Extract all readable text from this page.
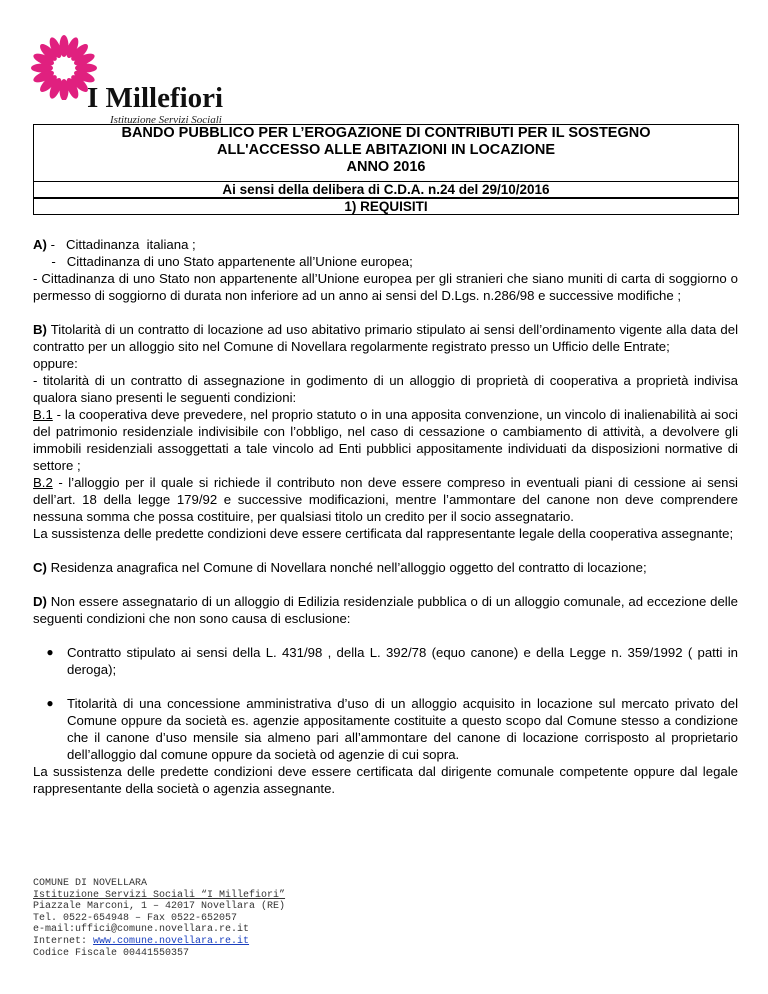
I Millefiori
Istituzione Servizi Sociali
BANDO PUBBLICO PER L’EROGAZIONE DI CONTRIBUTI PER IL SOSTEGNO
ALL'ACCESSO ALLE ABITAZIONI IN LOCAZIONE
ANNO 2016
Ai sensi della delibera di C.D.A. n.24 del 29/10/2016
1) REQUISITI

A) -   Cittadinanza  italiana ;

-   Cittadinanza di uno Stato appartenente all’Unione europea;

- Cittadinanza di uno Stato non appartenente all’Unione europea per gli stranieri che siano muniti di carta di soggiorno o permesso di soggiorno di durata non inferiore ad un anno ai sensi del D.Lgs. n.286/98 e successive modifiche ;

B) Titolarità di un contratto di locazione ad uso abitativo primario stipulato ai sensi dell’ordinamento vigente alla data del contratto per un alloggio sito nel Comune di Novellara regolarmente registrato presso un Ufficio delle Entrate;

oppure:

- titolarità di un contratto di assegnazione in godimento di un alloggio di proprietà di cooperativa a proprietà indivisa qualora siano presenti le seguenti condizioni:

B.1 - la cooperativa deve prevedere, nel proprio statuto o in una apposita convenzione, un vincolo di inalienabilità ai soci del patrimonio residenziale indivisibile con l’obbligo, nel caso di cessazione o cambiamento di attività, a devolvere gli immobili residenziali assoggettati a tale vincolo ad Enti pubblici appositamente individuati da disposizioni normative di settore ;

B.2 - l’alloggio per il quale si richiede il contributo non deve essere compreso in eventuali piani di cessione ai sensi dell’art. 18 della legge 179/92 e successive modificazioni, mentre l’ammontare del canone non deve comprendere nessuna somma che possa costituire, per qualsiasi titolo un credito per il socio assegnatario.

La sussistenza delle predette condizioni deve essere certificata dal rappresentante legale della cooperativa assegnante;

C) Residenza anagrafica nel Comune di Novellara nonché nell’alloggio oggetto del contratto di locazione;

D) Non essere assegnatario di un alloggio di Edilizia residenziale pubblica o di un alloggio comunale, ad eccezione delle seguenti condizioni che non sono causa di esclusione:

●	Contratto stipulato ai sensi della L. 431/98 , della L. 392/78 (equo canone) e della Legge n. 359/1992 ( patti in deroga);
●	Titolarità di una concessione amministrativa d’uso di un alloggio acquisito in locazione sul mercato privato del Comune oppure da società es. agenzie appositamente costituite a questo scopo dal Comune stesso a condizione che il canone d’uso mensile sia almeno pari all’ammontare del canone di locazione corrisposto al proprietario dell’alloggio dal comune oppure da società od agenzie di cui sopra.

La sussistenza delle predette condizioni deve essere certificata dal dirigente comunale competente oppure dal legale rappresentante della società o agenzia assegnante.

COMUNE DI NOVELLARA
Istituzione Servizi Sociali “I Millefiori”
Piazzale Marconi, 1 – 42017 Novellara (RE)
Tel. 0522-654948 – Fax 0522-652057
e-mail:uffici@comune.novellara.re.it
Internet: www.comune.novellara.re.it
Codice Fiscale 00441550357
